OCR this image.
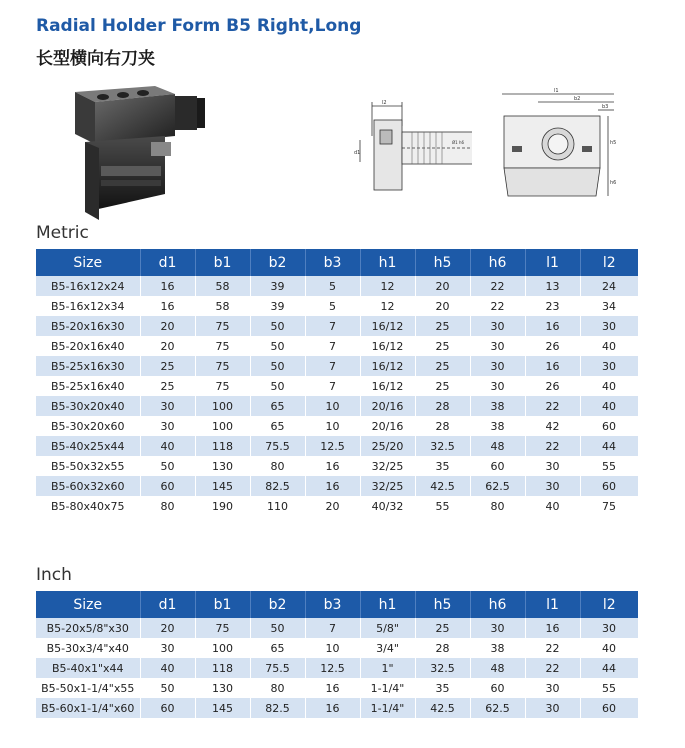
Radial Holder Form B5 Right,Long
长型横向右刀夹
l2
d1
Ø1 h6
l1
b2
b3
h5
h6
Metric
Size	d1	b1	b2	b3	h1	h5	h6	l1	l2
B5-16x12x24	16	58	39	5	12	20	22	13	24
B5-16x12x34	16	58	39	5	12	20	22	23	34
B5-20x16x30	20	75	50	7	16/12	25	30	16	30
B5-20x16x40	20	75	50	7	16/12	25	30	26	40
B5-25x16x30	25	75	50	7	16/12	25	30	16	30
B5-25x16x40	25	75	50	7	16/12	25	30	26	40
B5-30x20x40	30	100	65	10	20/16	28	38	22	40
B5-30x20x60	30	100	65	10	20/16	28	38	42	60
B5-40x25x44	40	118	75.5	12.5	25/20	32.5	48	22	44
B5-50x32x55	50	130	80	16	32/25	35	60	30	55
B5-60x32x60	60	145	82.5	16	32/25	42.5	62.5	30	60
B5-80x40x75	80	190	110	20	40/32	55	80	40	75
Inch
Size	d1	b1	b2	b3	h1	h5	h6	l1	l2
B5-20x5/8"x30	20	75	50	7	5/8"	25	30	16	30
B5-30x3/4"x40	30	100	65	10	3/4"	28	38	22	40
B5-40x1"x44	40	118	75.5	12.5	1"	32.5	48	22	44
B5-50x1-1/4"x55	50	130	80	16	1-1/4"	35	60	30	55
B5-60x1-1/4"x60	60	145	82.5	16	1-1/4"	42.5	62.5	30	60
